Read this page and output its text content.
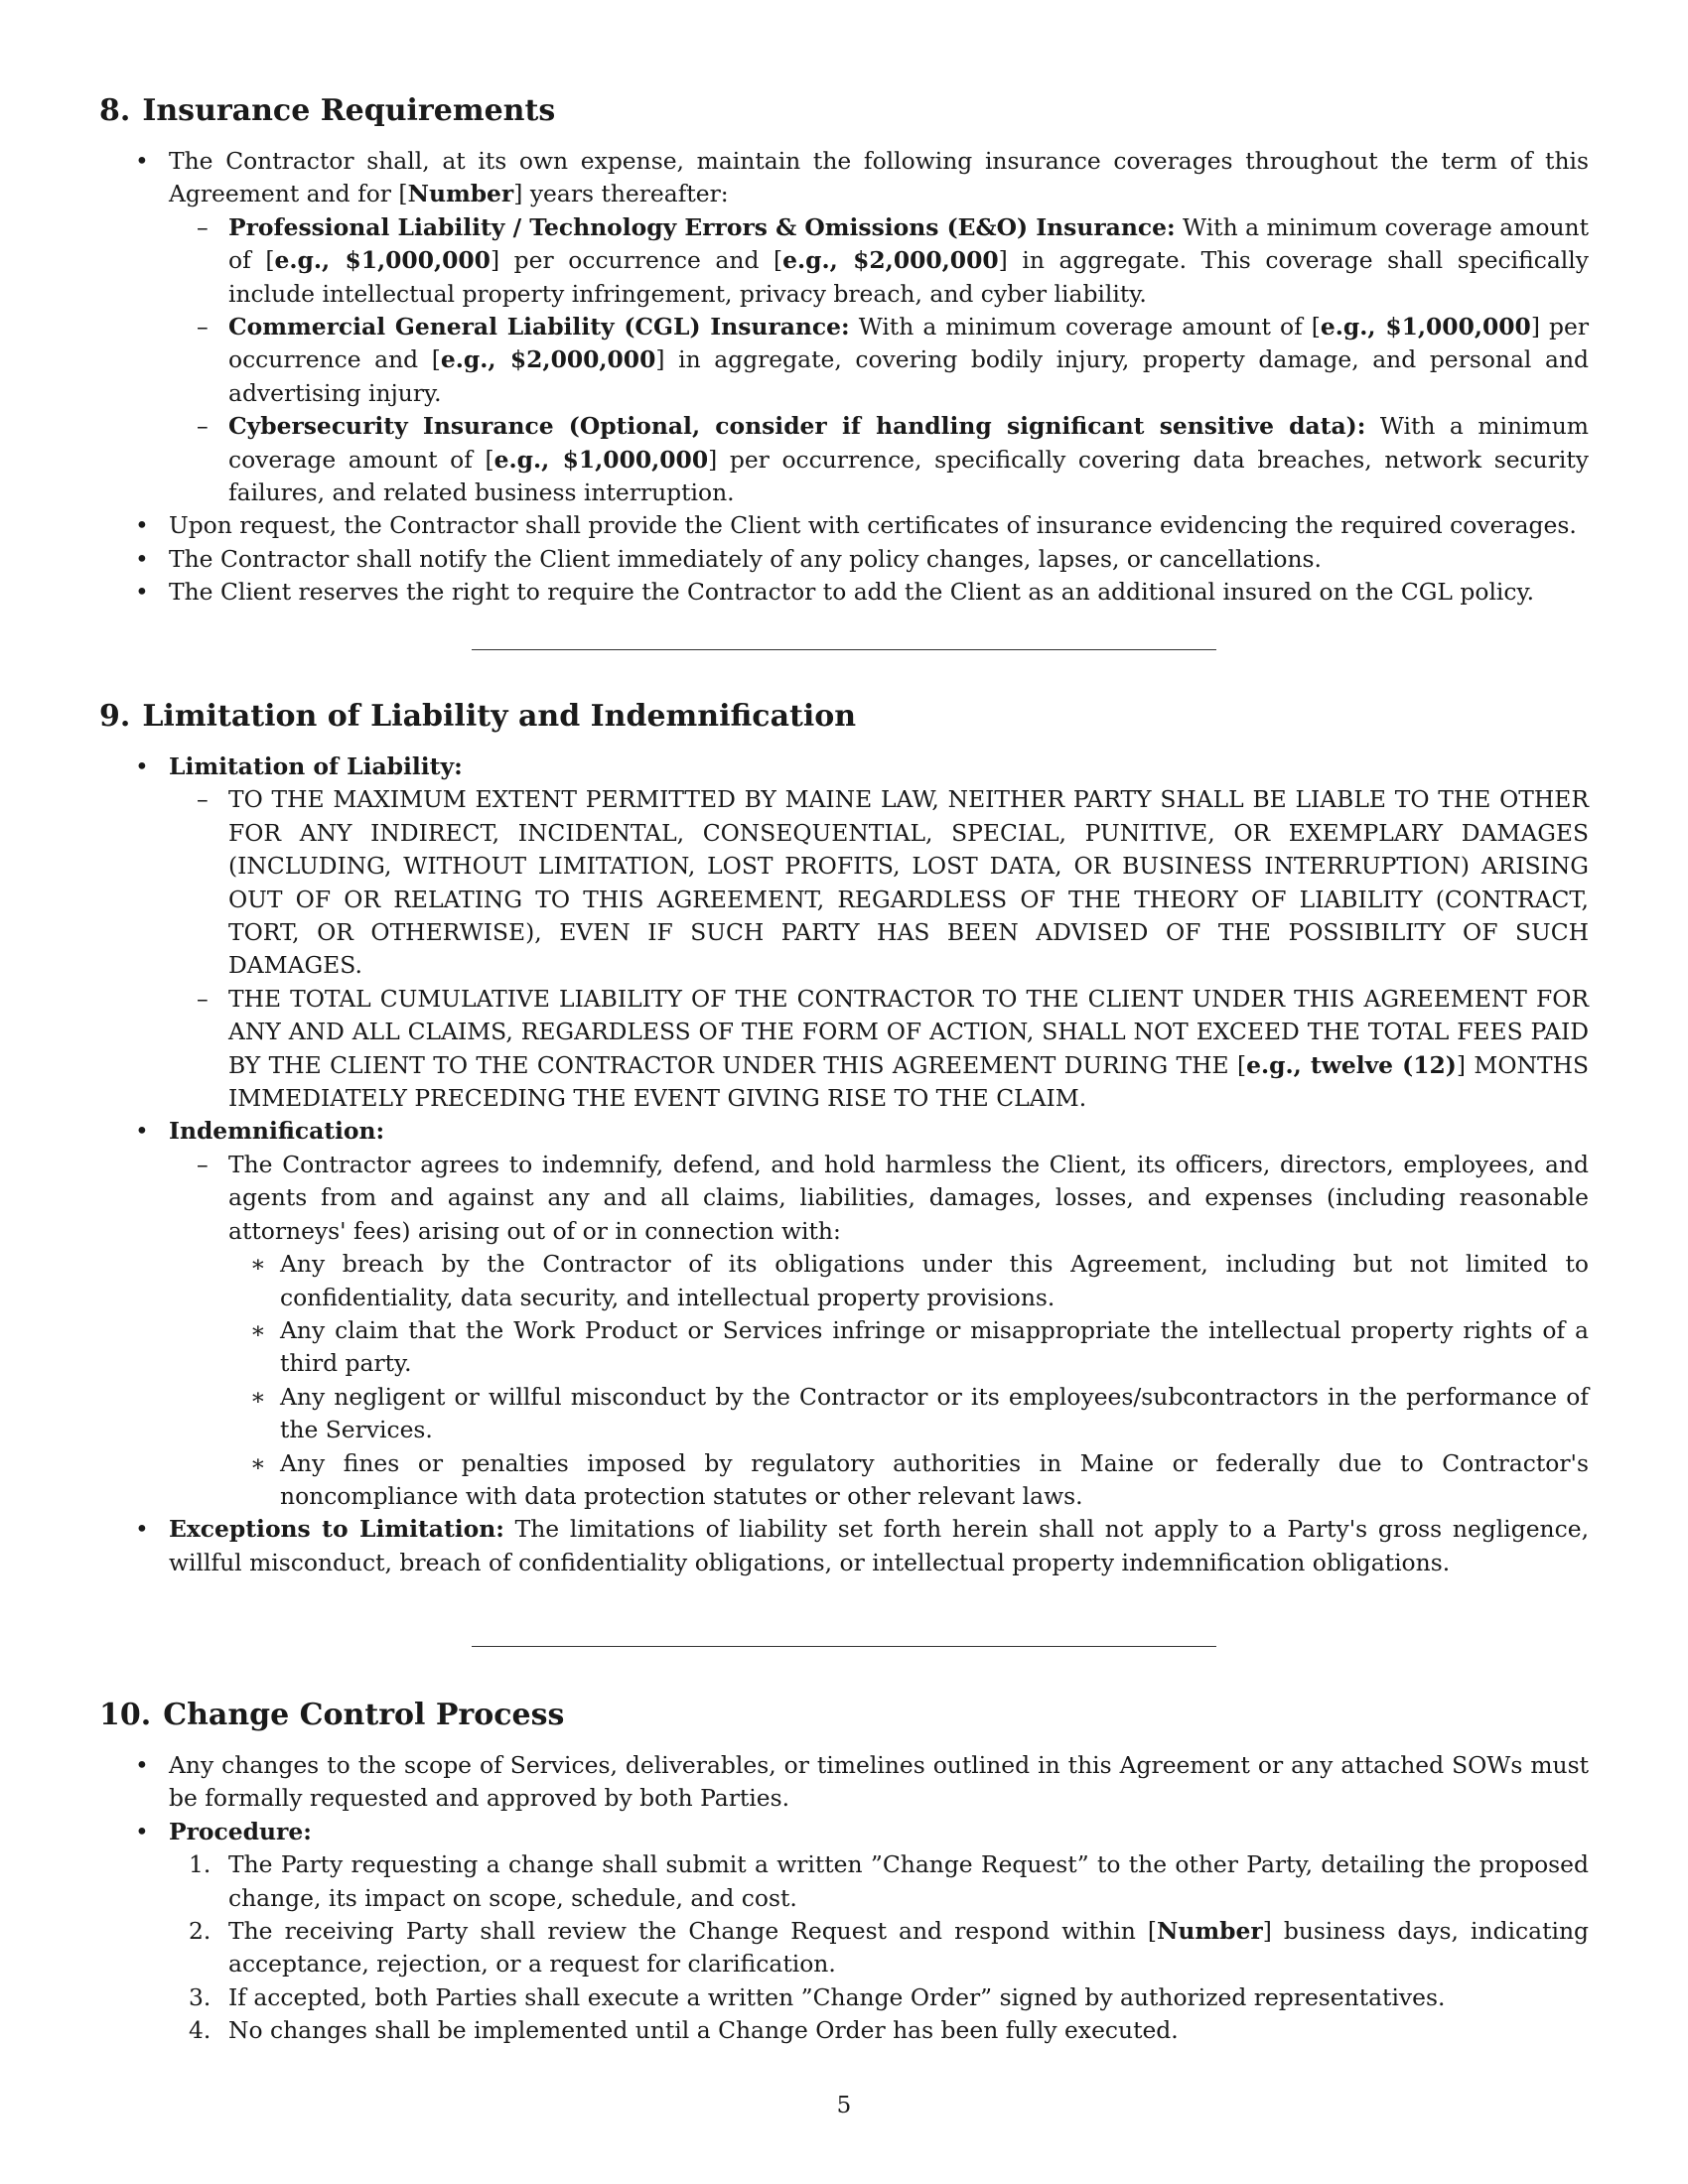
8. Insurance Requirements
• The Contractor shall, at its own expense, maintain the following insurance coverages throughout the term of this Agreement and for [Number] years thereafter:
– Professional Liability / Technology Errors & Omissions (E&O) Insurance: With a minimum coverage amount of [e.g., $1,000,000] per occurrence and [e.g., $2,000,000] in aggregate. This coverage shall specifically include intellectual property infringement, privacy breach, and cyber liability.
– Commercial General Liability (CGL) Insurance: With a minimum coverage amount of [e.g., $1,000,000] per occurrence and [e.g., $2,000,000] in aggregate, covering bodily injury, property damage, and personal and advertising injury.
– Cybersecurity Insurance (Optional, consider if handling significant sensitive data): With a minimum coverage amount of [e.g., $1,000,000] per occurrence, specifically covering data breaches, network security failures, and related business interruption.
• Upon request, the Contractor shall provide the Client with certificates of insurance evidencing the required coverages.
• The Contractor shall notify the Client immediately of any policy changes, lapses, or cancellations.
• The Client reserves the right to require the Contractor to add the Client as an additional insured on the CGL policy.
9. Limitation of Liability and Indemnification
• Limitation of Liability:
– TO THE MAXIMUM EXTENT PERMITTED BY MAINE LAW, NEITHER PARTY SHALL BE LIABLE TO THE OTHER FOR ANY INDIRECT, INCIDENTAL, CONSEQUENTIAL, SPECIAL, PUNITIVE, OR EXEMPLARY DAMAGES (INCLUDING, WITHOUT LIMITATION, LOST PROFITS, LOST DATA, OR BUSINESS INTERRUPTION) ARISING OUT OF OR RELATING TO THIS AGREEMENT, REGARDLESS OF THE THEORY OF LIABILITY (CONTRACT, TORT, OR OTHERWISE), EVEN IF SUCH PARTY HAS BEEN ADVISED OF THE POSSIBILITY OF SUCH DAMAGES.
– THE TOTAL CUMULATIVE LIABILITY OF THE CONTRACTOR TO THE CLIENT UNDER THIS AGREEMENT FOR ANY AND ALL CLAIMS, REGARDLESS OF THE FORM OF ACTION, SHALL NOT EXCEED THE TOTAL FEES PAID BY THE CLIENT TO THE CONTRACTOR UNDER THIS AGREEMENT DURING THE [e.g., twelve (12)] MONTHS IMMEDIATELY PRECEDING THE EVENT GIVING RISE TO THE CLAIM.
• Indemnification:
– The Contractor agrees to indemnify, defend, and hold harmless the Client, its officers, directors, employees, and agents from and against any and all claims, liabilities, damages, losses, and expenses (including reasonable attorneys' fees) arising out of or in connection with:
∗ Any breach by the Contractor of its obligations under this Agreement, including but not limited to confidentiality, data security, and intellectual property provisions.
∗ Any claim that the Work Product or Services infringe or misappropriate the intellectual property rights of a third party.
∗ Any negligent or willful misconduct by the Contractor or its employees/subcontractors in the performance of the Services.
∗ Any fines or penalties imposed by regulatory authorities in Maine or federally due to Contractor's noncompliance with data protection statutes or other relevant laws.
• Exceptions to Limitation: The limitations of liability set forth herein shall not apply to a Party's gross negligence, willful misconduct, breach of confidentiality obligations, or intellectual property indemnification obligations.
10. Change Control Process
• Any changes to the scope of Services, deliverables, or timelines outlined in this Agreement or any attached SOWs must be formally requested and approved by both Parties.
• Procedure:
1. The Party requesting a change shall submit a written ”Change Request” to the other Party, detailing the proposed change, its impact on scope, schedule, and cost.
2. The receiving Party shall review the Change Request and respond within [Number] business days, indicating acceptance, rejection, or a request for clarification.
3. If accepted, both Parties shall execute a written ”Change Order” signed by authorized representatives.
4. No changes shall be implemented until a Change Order has been fully executed.
5
